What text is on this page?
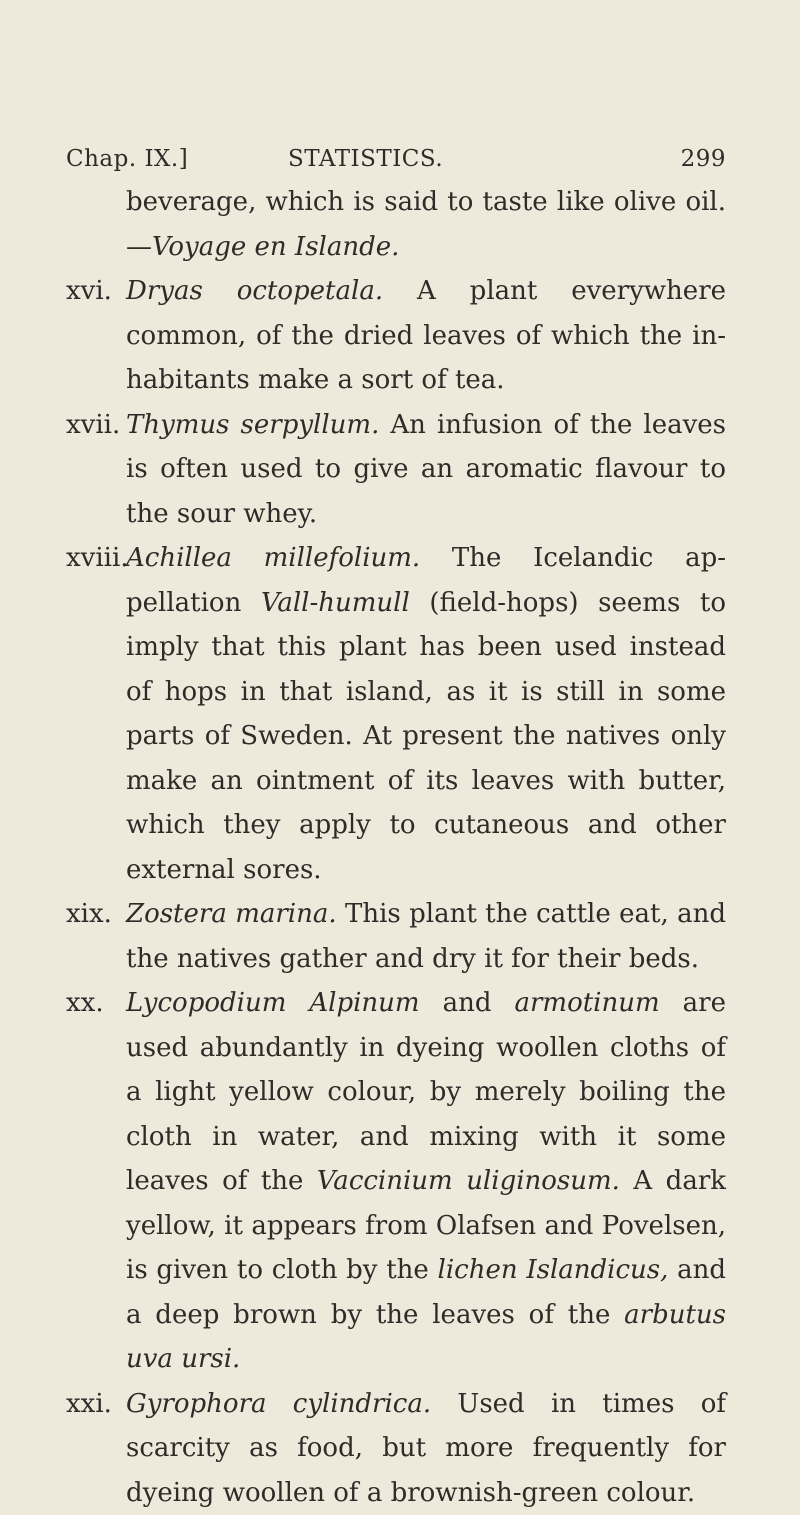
Chap. IX.]	STATISTICS.	299

beverage, which is said to taste like olive oil. —Voyage en Islande.

xvi. Dryas octopetala. A plant everywhere common, of the dried leaves of which the in-habitants make a sort of tea.

xvii. Thymus serpyllum. An infusion of the leaves is often used to give an aromatic flavour to the sour whey.

xviii.Achillea millefolium. The Icelandic ap-pellation Vall-humull (field-hops) seems to imply that this plant has been used instead of hops in that island, as it is still in some parts of Sweden. At present the natives only make an ointment of its leaves with butter, which they apply to cutaneous and other external sores.

xix. Zostera marina. This plant the cattle eat, and the natives gather and dry it for their beds.

xx. Lycopodium Alpinum and armotinum are used abundantly in dyeing woollen cloths of a light yellow colour, by merely boiling the cloth in water, and mixing with it some leaves of the Vaccinium uliginosum. A dark yellow, it appears from Olafsen and Povelsen, is given to cloth by the lichen Islandicus, and a deep brown by the leaves of the arbutus uva ursi.

xxi. Gyrophora cylindrica. Used in times of scarcity as food, but more frequently for dyeing woollen of a brownish-green colour.
